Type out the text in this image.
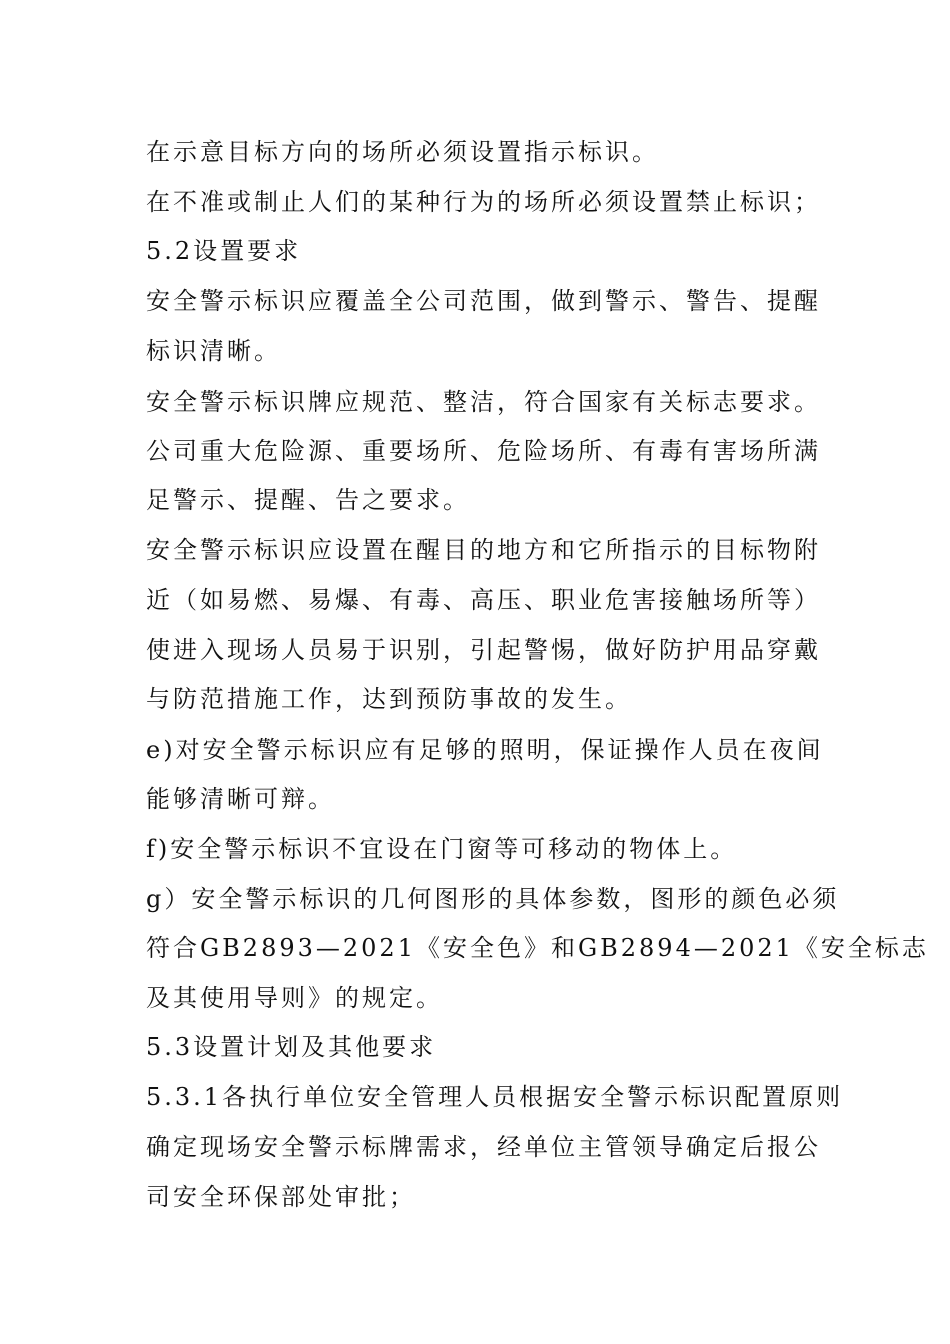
在示意目标方向的场所必须设置指示标识。
在不准或制止人们的某种行为的场所必须设置禁止标识；
5.2设置要求
安全警示标识应覆盖全公司范围，做到警示、警告、提醒
标识清晰。
安全警示标识牌应规范、整洁，符合国家有关标志要求。
公司重大危险源、重要场所、危险场所、有毒有害场所满
足警示、提醒、告之要求。
安全警示标识应设置在醒目的地方和它所指示的目标物附
近（如易燃、易爆、有毒、高压、职业危害接触场所等）
使进入现场人员易于识别，引起警惕，做好防护用品穿戴
与防范措施工作，达到预防事故的发生。
e)对安全警示标识应有足够的照明，保证操作人员在夜间
能够清晰可辩。
f)安全警示标识不宜设在门窗等可移动的物体上。
g）安全警示标识的几何图形的具体参数，图形的颜色必须
符合GB2893—2021《安全色》和GB2894—2021《安全标志
及其使用导则》的规定。
5.3设置计划及其他要求
5.3.1各执行单位安全管理人员根据安全警示标识配置原则
确定现场安全警示标牌需求，经单位主管领导确定后报公
司安全环保部处审批；
